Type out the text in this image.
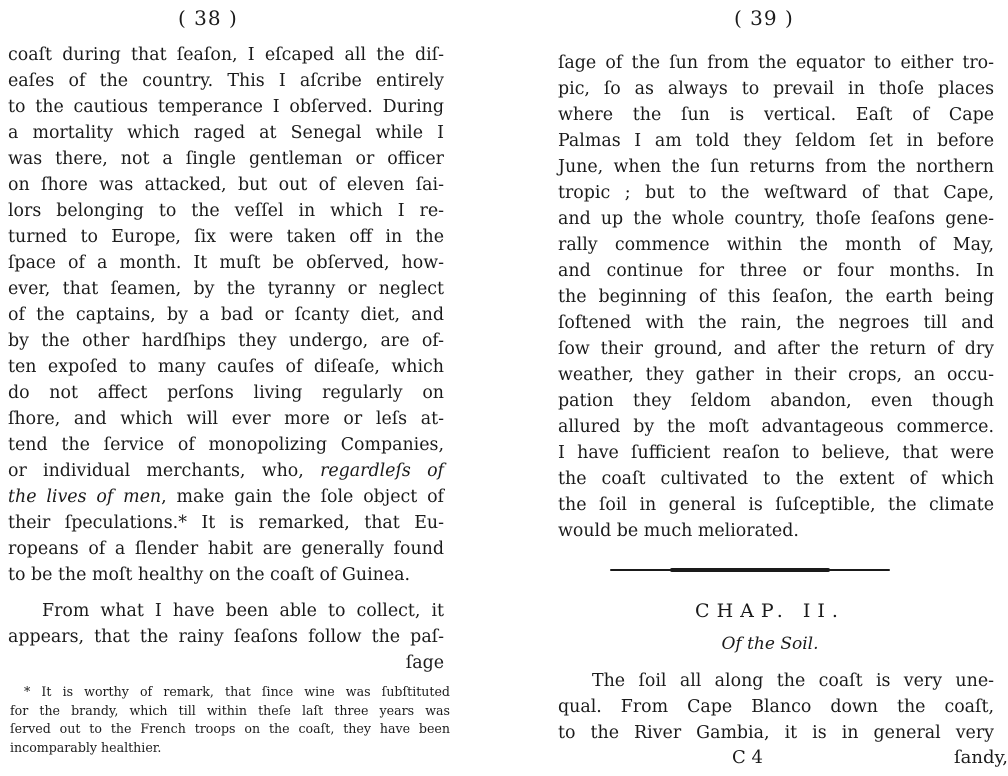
( 38 )
coaſt during that ſeaſon, I eſcaped all the diſ-
eaſes of the country. This I aſcribe entirely
to the cautious temperance I obſerved. During
a mortality which raged at Senegal while I
was there, not a ſingle gentleman or officer
on ſhore was attacked, but out of eleven ſai-
lors belonging to the veſſel in which I re-
turned to Europe, ſix were taken off in the
ſpace of a month. It muſt be obſerved, how-
ever, that ſeamen, by the tyranny or neglect
of the captains, by a bad or ſcanty diet, and
by the other hardſhips they undergo, are of-
ten expoſed to many cauſes of diſeaſe, which
do not affect perſons living regularly on
ſhore, and which will ever more or leſs at-
tend the ſervice of monopolizing Companies,
or individual merchants, who, regardleſs of
the lives of men, make gain the ſole object of
their ſpeculations.* It is remarked, that Eu-
ropeans of a ſlender habit are generally found
to be the moſt healthy on the coaſt of Guinea.
From what I have been able to collect, it
appears, that the rainy ſeaſons follow the paſ-
ſage
* It is worthy of remark, that ſince wine was ſubſtituted
for the brandy, which till within theſe laſt three years was
ſerved out to the French troops on the coaſt, they have been
incomparably healthier.
( 39 )
ſage of the ſun from the equator to either tro-
pic, ſo as always to prevail in thoſe places
where the ſun is vertical. Eaſt of Cape
Palmas I am told they ſeldom ſet in before
June, when the ſun returns from the northern
tropic ; but to the weſtward of that Cape,
and up the whole country, thoſe ſeaſons gene-
rally commence within the month of May,
and continue for three or four months. In
the beginning of this ſeaſon, the earth being
ſoftened with the rain, the negroes till and
ſow their ground, and after the return of dry
weather, they gather in their crops, an occu-
pation they ſeldom abandon, even though
allured by the moſt advantageous commerce.
I have ſufficient reaſon to believe, that were
the coaſt cultivated to the extent of which
the ſoil in general is ſuſceptible, the climate
would be much meliorated.
CHAP. II.
Of the Soil.
The ſoil all along the coaſt is very une-
qual. From Cape Blanco down the coaſt,
to the River Gambia, it is in general very
C 4	ſandy,
